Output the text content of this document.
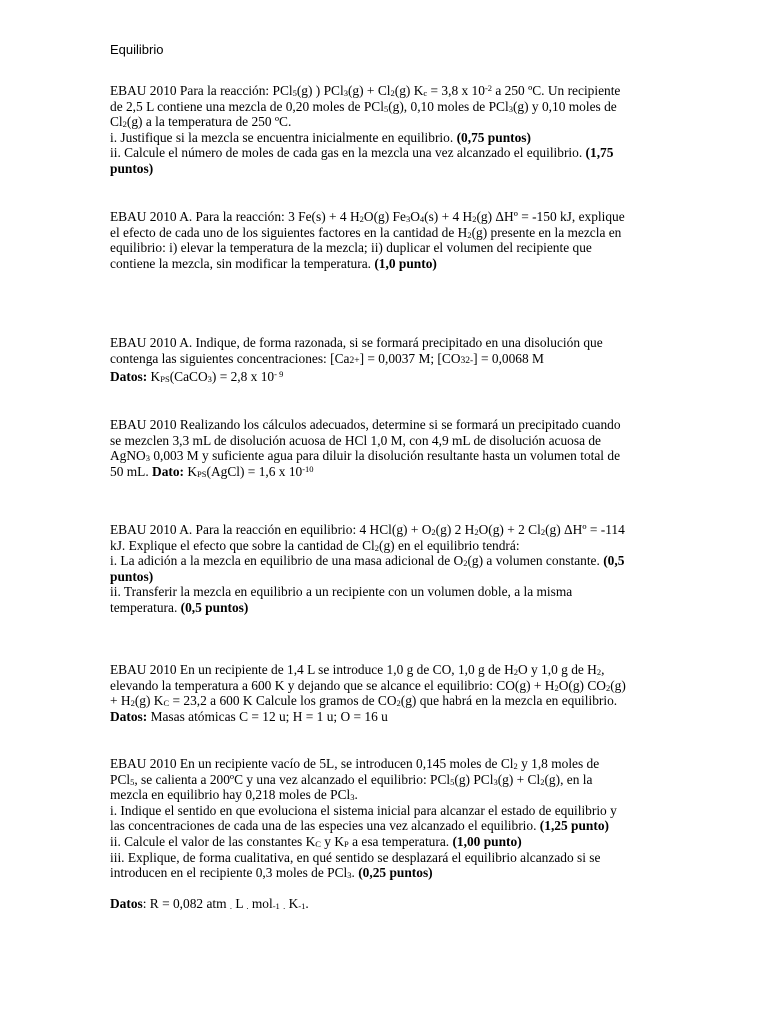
Equilibrio
EBAU 2010 Para la reacción: PCl$_5$(g) ) $PCl_3(g) + Cl_2(g) K_c = 3,8$ x $10^{-2}$ a 250 ºC. Un recipiente
de 2,5 L contiene una mezcla de 0,20 moles de PCl$_5$(g), 0,10 moles de PCl$_3$(g) y 0,10 moles de
$Cl_2(g)$ a la temperatura de 250 ºC.
i. Justifique si la mezcla se encuentra inicialmente en equilibrio. (0,75 puntos)
ii. Calcule el número de moles de cada gas en la mezcla una vez alcanzado el equilibrio. (1,75
puntos)
EBAU 2010 A. Para la reacción: 3 Fe(s) + 4 $H_2O(g) Fe_3O_4(s) + 4$ $H_2(g)$ ΔHº = -150 kJ, explique
el efecto de cada uno de los siguientes factores en la cantidad de $H_2(g)$ presente en la mezcla en
equilibrio: i) elevar la temperatura de la mezcla; ii) duplicar el volumen del recipiente que
contiene la mezcla, sin modificar la temperatura. (1,0 punto)
EBAU 2010 A. Indique, de forma razonada, si se formará precipitado en una disolución que
contenga las siguientes concentraciones: [Ca2+] = 0,0037 M; [CO32-] = 0,0068 M
Datos: $K_{PS}(CaCO_3) = 2,8$ x $10^{- 9}$
EBAU 2010 Realizando los cálculos adecuados, determine si se formará un precipitado cuando
se mezclen 3,3 mL de disolución acuosa de HCl 1,0 M, con 4,9 mL de disolución acuosa de
AgNO$_3$ 0,003 M y suficiente agua para diluir la disolución resultante hasta un volumen total de
50 mL. Dato: $K_{PS}(AgCl) = 1,6$ x $10^{-10}$
EBAU 2010 A. Para la reacción en equilibrio: 4 $HCl(g) + O_2(g)$ 2 $H_2O(g) + 2$ $Cl_2(g)$ ΔHº = -114
kJ. Explique el efecto que sobre la cantidad de $Cl_2(g)$ en el equilibrio tendrá:
i. La adición a la mezcla en equilibrio de una masa adicional de $O_2(g)$ a volumen constante. (0,5
puntos)
ii. Transferir la mezcla en equilibrio a un recipiente con un volumen doble, a la misma
temperatura. (0,5 puntos)
EBAU 2010 En un recipiente de 1,4 L se introduce 1,0 g de CO, 1,0 g de $H_2O$ y 1,0 g de $H_2$,
elevando la temperatura a 600 K y dejando que se alcance el equilibrio: $CO(g) + H_2O(g)$ $CO_2(g)$
+ $H_2(g) K_C = 23,2$ a 600 K Calcule los gramos de $CO_2(g)$ que habrá en la mezcla en equilibrio.
Datos: Masas atómicas C = 12 u; H = 1 u; O = 16 u
EBAU 2010 En un recipiente vacío de 5L, se introducen 0,145 moles de $Cl_2$ y 1,8 moles de
PCl$_5$, se calienta a 200ºC y una vez alcanzado el equilibrio: PCl$_5$(g) $PCl_3(g) + Cl_2(g)$, en la
mezcla en equilibrio hay 0,218 moles de PCl$_3$.
i. Indique el sentido en que evoluciona el sistema inicial para alcanzar el estado de equilibrio y
las concentraciones de cada una de las especies una vez alcanzado el equilibrio. (1,25 punto)
ii. Calcule el valor de las constantes $K_C$ y $K_P$ a esa temperatura. (1,00 punto)
iii. Explique, de forma cualitativa, en qué sentido se desplazará el equilibrio alcanzado si se
introducen en el recipiente 0,3 moles de PCl$_3$. (0,25 puntos)

Datos: R = 0,082 atm $_.$ L $_.$ mol$_{-1}$ $_.$ $K_{-1}$.
